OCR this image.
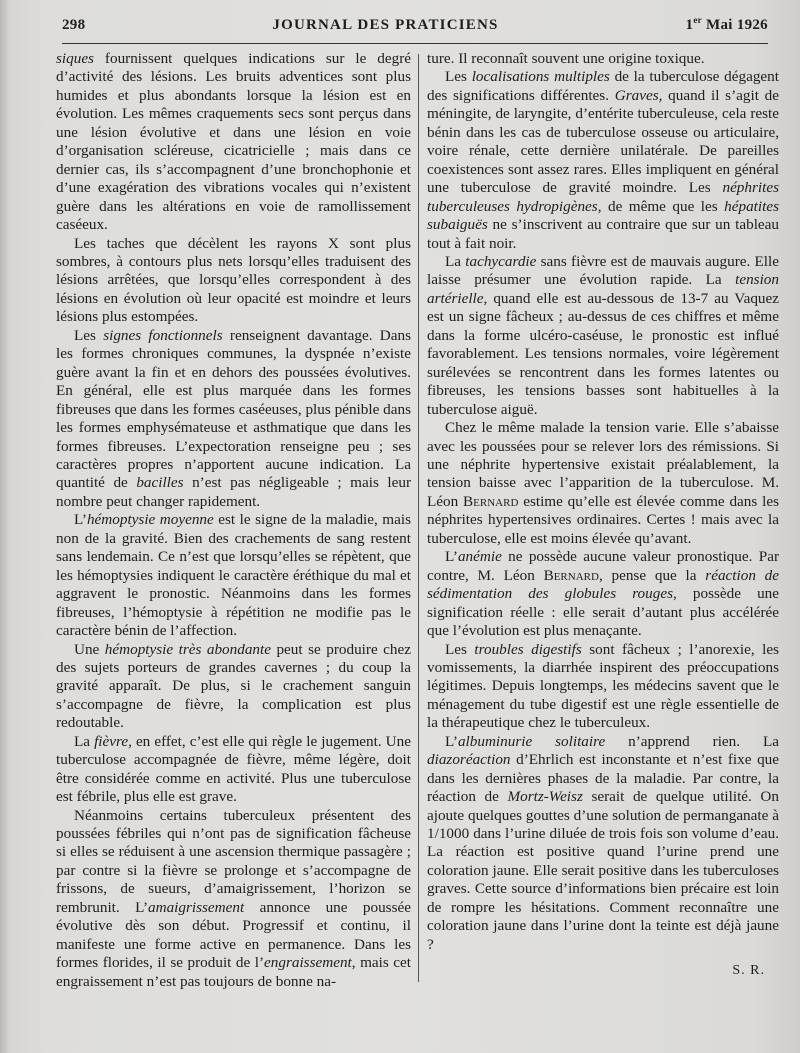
298	JOURNAL DES PRATICIENS	1er Mai 1926

siques fournissent quelques indications sur le degré d’activité des lésions. Les bruits adventices sont plus humides et plus abondants lorsque la lésion est en évolution. Les mêmes craquements secs sont perçus dans une lésion évolutive et dans une lésion en voie d’organisation scléreuse, cicatricielle ; mais dans ce dernier cas, ils s’accompagnent d’une bronchophonie et d’une exagération des vibrations vocales qui n’existent guère dans les altérations en voie de ramollissement caséeux.

Les taches que décèlent les rayons X sont plus sombres, à contours plus nets lorsqu’elles traduisent des lésions arrêtées, que lorsqu’elles correspondent à des lésions en évolution où leur opacité est moindre et leurs lésions plus estompées.

Les signes fonctionnels renseignent davantage. Dans les formes chroniques communes, la dyspnée n’existe guère avant la fin et en dehors des poussées évolutives. En général, elle est plus marquée dans les formes fibreuses que dans les formes caséeuses, plus pénible dans les formes emphysémateuse et asthmatique que dans les formes fibreuses. L’expectoration renseigne peu ; ses caractères propres n’apportent aucune indication. La quantité de bacilles n’est pas négligeable ; mais leur nombre peut changer rapidement.

L’hémoptysie moyenne est le signe de la maladie, mais non de la gravité. Bien des crachements de sang restent sans lendemain. Ce n’est que lorsqu’elles se répètent, que les hémoptysies indiquent le caractère éréthique du mal et aggravent le pronostic. Néanmoins dans les formes fibreuses, l’hémoptysie à répétition ne modifie pas le caractère bénin de l’affection.

Une hémoptysie très abondante peut se produire chez des sujets porteurs de grandes cavernes ; du coup la gravité apparaît. De plus, si le crachement sanguin s’accompagne de fièvre, la complication est plus redoutable.

La fièvre, en effet, c’est elle qui règle le jugement. Une tuberculose accompagnée de fièvre, même légère, doit être considérée comme en activité. Plus une tuberculose est fébrile, plus elle est grave.

Néanmoins certains tuberculeux présentent des poussées fébriles qui n’ont pas de signification fâcheuse si elles se réduisent à une ascension thermique passagère ; par contre si la fièvre se prolonge et s’accompagne de frissons, de sueurs, d’amaigrissement, l’horizon se rembrunit. L’amaigrissement annonce une poussée évolutive dès son début. Progressif et continu, il manifeste une forme active en permanence. Dans les formes florides, il se produit de l’engraissement, mais cet engraissement n’est pas toujours de bonne na-

ture. Il reconnaît souvent une origine toxique.

Les localisations multiples de la tuberculose dégagent des significations différentes. Graves, quand il s’agit de méningite, de laryngite, d’entérite tuberculeuse, cela reste bénin dans les cas de tuberculose osseuse ou articulaire, voire rénale, cette dernière unilatérale. De pareilles coexistences sont assez rares. Elles impliquent en général une tuberculose de gravité moindre. Les néphrites tuberculeuses hydropigènes, de même que les hépatites subaiguës ne s’inscrivent au contraire que sur un tableau tout à fait noir.

La tachycardie sans fièvre est de mauvais augure. Elle laisse présumer une évolution rapide. La tension artérielle, quand elle est au-dessous de 13-7 au Vaquez est un signe fâcheux ; au-dessus de ces chiffres et même dans la forme ulcéro-caséuse, le pronostic est influé favorablement. Les tensions normales, voire légèrement surélevées se rencontrent dans les formes latentes ou fibreuses, les tensions basses sont habituelles à la tuberculose aiguë.

Chez le même malade la tension varie. Elle s’abaisse avec les poussées pour se relever lors des rémissions. Si une néphrite hypertensive existait préalablement, la tension baisse avec l’apparition de la tuberculose. M. Léon Bernard estime qu’elle est élevée comme dans les néphrites hypertensives ordinaires. Certes ! mais avec la tuberculose, elle est moins élevée qu’avant.

L’anémie ne possède aucune valeur pronostique. Par contre, M. Léon Bernard, pense que la réaction de sédimentation des globules rouges, possède une signification réelle : elle serait d’autant plus accélérée que l’évolution est plus menaçante.

Les troubles digestifs sont fâcheux ; l’anorexie, les vomissements, la diarrhée inspirent des préoccupations légitimes. Depuis longtemps, les médecins savent que le ménagement du tube digestif est une règle essentielle de la thérapeutique chez le tuberculeux.

L’albuminurie solitaire n’apprend rien. La diazoréaction d’Ehrlich est inconstante et n’est fixe que dans les dernières phases de la maladie. Par contre, la réaction de Mortz-Weisz serait de quelque utilité. On ajoute quelques gouttes d’une solution de permanganate à 1/1000 dans l’urine diluée de trois fois son volume d’eau. La réaction est positive quand l’urine prend une coloration jaune. Elle serait positive dans les tuberculoses graves. Cette source d’informations bien précaire est loin de rompre les hésitations. Comment reconnaître une coloration jaune dans l’urine dont la teinte est déjà jaune ?

S. R.
